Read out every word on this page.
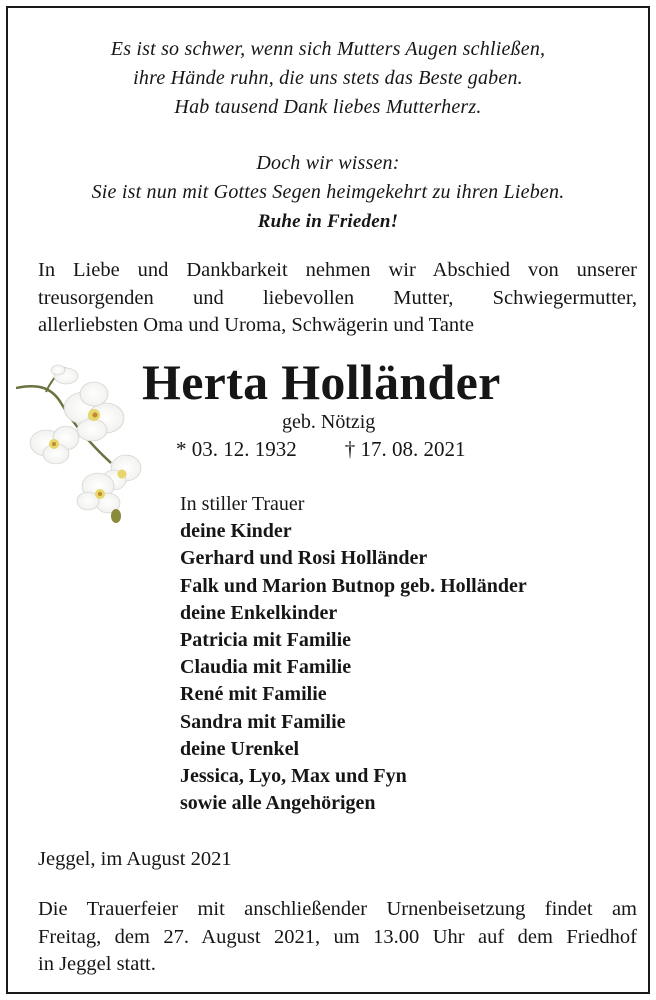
Es ist so schwer, wenn sich Mutters Augen schließen,
ihre Hände ruhn, die uns stets das Beste gaben.
Hab tausend Dank liebes Mutterherz.
Doch wir wissen:
Sie ist nun mit Gottes Segen heimgekehrt zu ihren Lieben.
Ruhe in Frieden!
In Liebe und Dankbarkeit nehmen wir Abschied von unserer
treusorgenden und liebevollen Mutter, Schwiegermutter,
allerliebsten Oma und Uroma, Schwägerin und Tante
Herta Holländer
geb. Nötzig
* 03. 12. 1932 † 17. 08. 2021
In stiller Trauer
deine Kinder
Gerhard und Rosi Holländer
Falk und Marion Butnop geb. Holländer
deine Enkelkinder
Patricia mit Familie
Claudia mit Familie
René mit Familie
Sandra mit Familie
deine Urenkel
Jessica, Lyo, Max und Fyn
sowie alle Angehörigen
Jeggel, im August 2021
Die Trauerfeier mit anschließender Urnenbeisetzung findet am
Freitag, dem 27. August 2021, um 13.00 Uhr auf dem Friedhof
in Jeggel statt.
